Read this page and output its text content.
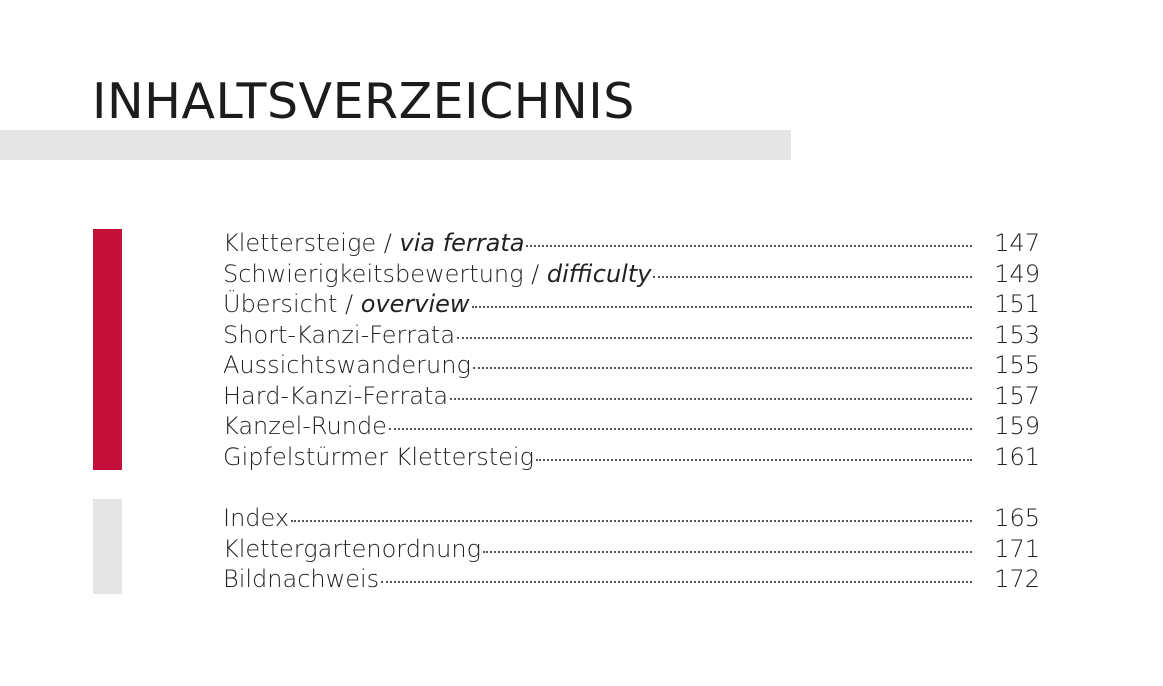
INHALTSVERZEICHNIS
Klettersteige / via ferrata	147
Schwierigkeitsbewertung / difficulty	149
Übersicht / overview	151
Short-Kanzi-Ferrata	153
Aussichtswanderung	155
Hard-Kanzi-Ferrata	157
Kanzel-Runde	159
Gipfelstürmer Klettersteig	161
Index	165
Klettergartenordnung	171
Bildnachweis	172
